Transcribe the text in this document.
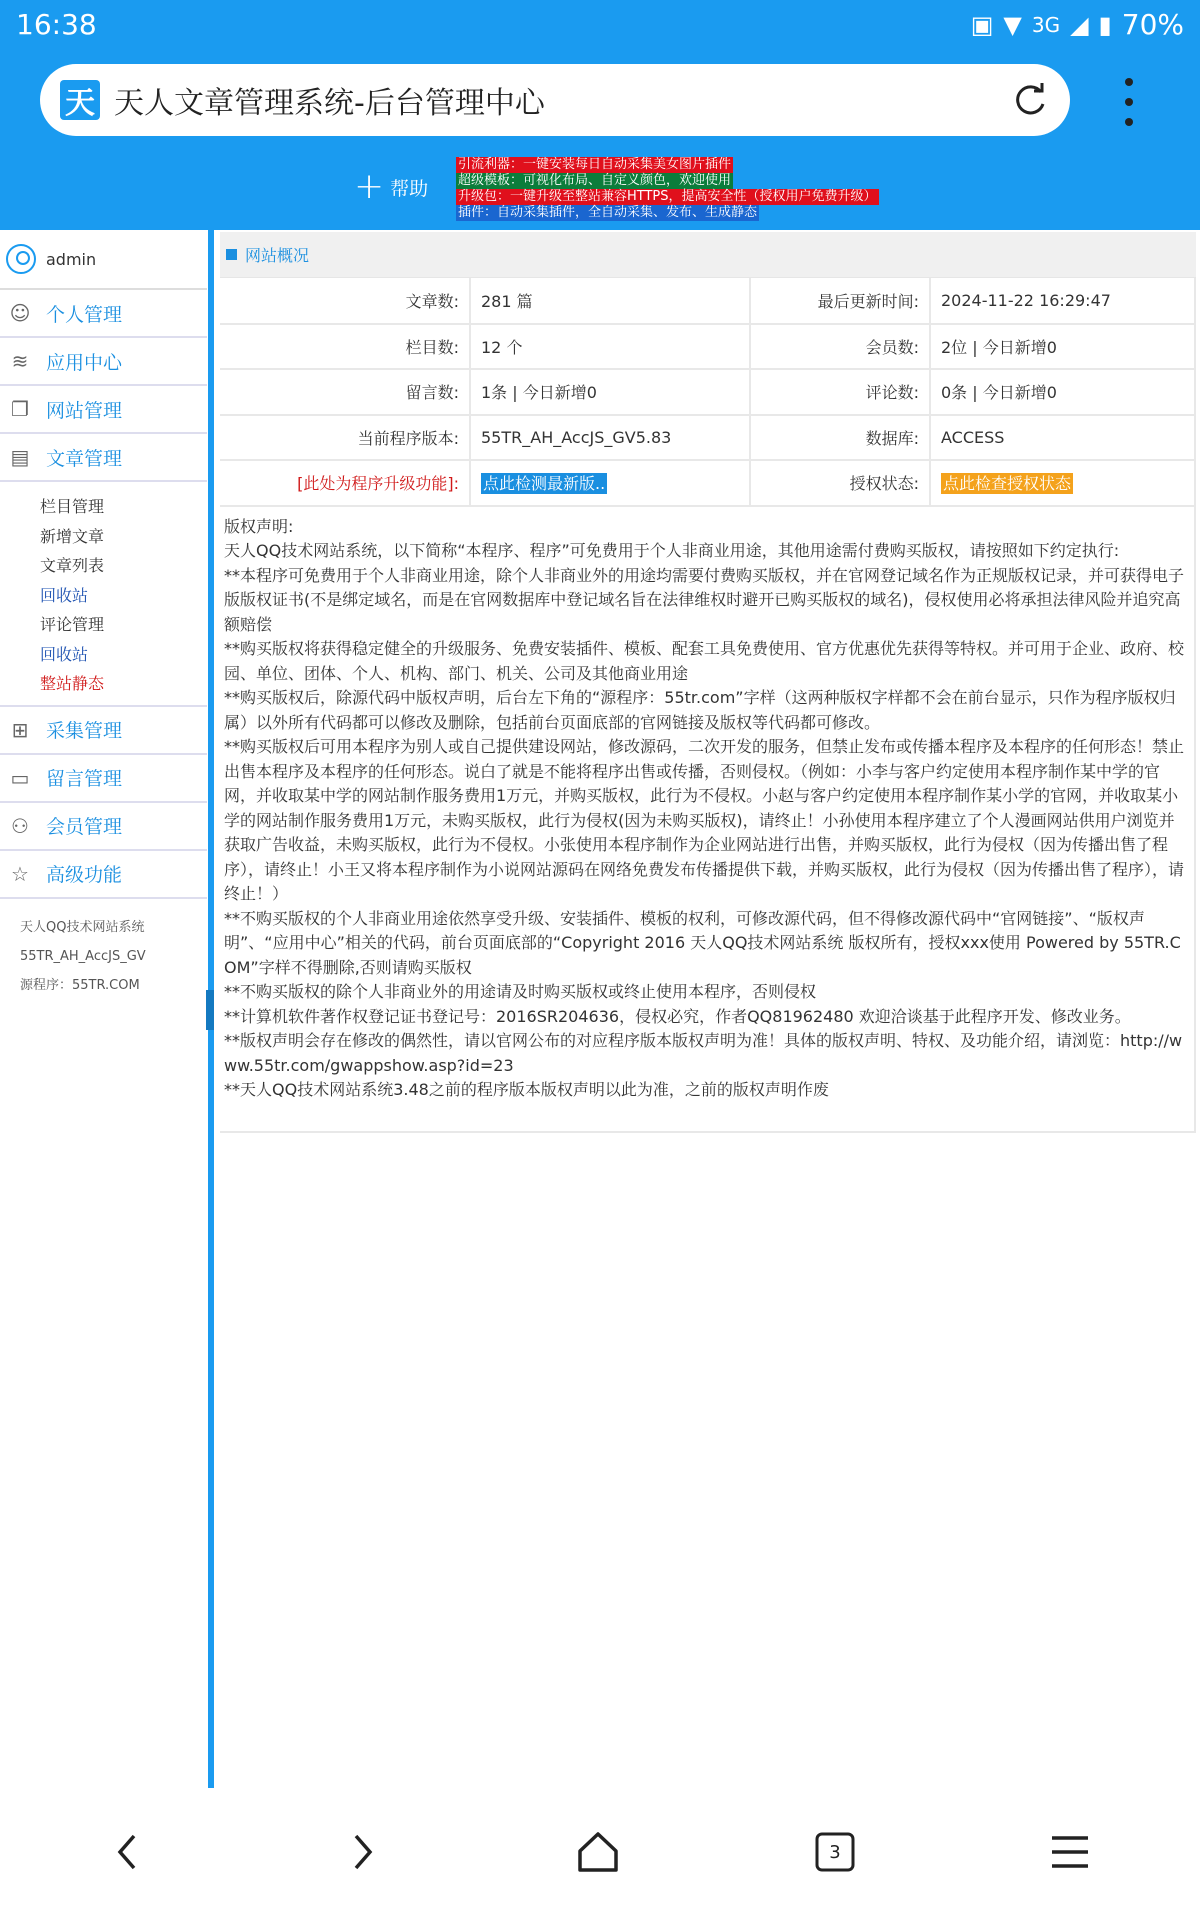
16:38	▣ ▼ 3G ◢ ▮ 70%
天 天人文章管理系统-后台管理中心
+ 帮助
引流利器：一键安装每日自动采集美女图片插件
超级模板：可视化布局、自定义颜色，欢迎使用
升级包：一键升级至整站兼容HTTPS，提高安全性（授权用户免费升级）
插件：自动采集插件，全自动采集、发布、生成静态
admin
☺ 个人管理
≋ 应用中心
❐ 网站管理
▤ 文章管理
栏目管理
新增文章
文章列表
回收站
评论管理
回收站
整站静态
⊞ 采集管理
▭ 留言管理
⚇ 会员管理
☆ 高级功能
天人QQ技术网站系统
55TR_AH_AccJS_GV
源程序：55TR.COM
网站概况
文章数:	281 篇	最后更新时间:	2024-11-22 16:29:47
栏目数:	12 个	会员数:	2位 | 今日新增0
留言数:	1条 | 今日新增0	评论数:	0条 | 今日新增0
当前程序版本:	55TR_AH_AccJS_GV5.83	数据库:	ACCESS
[此处为程序升级功能]:	点此检测最新版..	授权状态:	点此检查授权状态
版权声明:
天人QQ技术网站系统，以下简称“本程序、程序”可免费用于个人非商业用途，其他用途需付费购买版权，请按照如下约定执行:
**本程序可免费用于个人非商业用途，除个人非商业外的用途均需要付费购买版权，并在官网登记域名作为正规版权记录，并可获得电子版版权证书(不是绑定域名，而是在官网数据库中登记域名旨在法律维权时避开已购买版权的域名)，侵权使用必将承担法律风险并追究高额赔偿
**购买版权将获得稳定健全的升级服务、免费安装插件、模板、配套工具免费使用、官方优惠优先获得等特权。并可用于企业、政府、校园、单位、团体、个人、机构、部门、机关、公司及其他商业用途
**购买版权后，除源代码中版权声明，后台左下角的“源程序：55tr.com”字样（这两种版权字样都不会在前台显示，只作为程序版权归属）以外所有代码都可以修改及删除，包括前台页面底部的官网链接及版权等代码都可修改。
**购买版权后可用本程序为别人或自己提供建设网站，修改源码，二次开发的服务，但禁止发布或传播本程序及本程序的任何形态！禁止出售本程序及本程序的任何形态。说白了就是不能将程序出售或传播，否则侵权。（例如：小李与客户约定使用本程序制作某中学的官网，并收取某中学的网站制作服务费用1万元，并购买版权，此行为不侵权。小赵与客户约定使用本程序制作某小学的官网，并收取某小学的网站制作服务费用1万元，未购买版权，此行为侵权(因为未购买版权)，请终止！小孙使用本程序建立了个人漫画网站供用户浏览并获取广告收益，未购买版权，此行为不侵权。小张使用本程序制作为企业网站进行出售，并购买版权，此行为侵权（因为传播出售了程序），请终止！小王又将本程序制作为小说网站源码在网络免费发布传播提供下载，并购买版权，此行为侵权（因为传播出售了程序），请终止！）
**不购买版权的个人非商业用途依然享受升级、安装插件、模板的权利，可修改源代码，但不得修改源代码中“官网链接”、“版权声明”、“应用中心”相关的代码，前台页面底部的“Copyright 2016 天人QQ技术网站系统 版权所有，授权xxx使用 Powered by 55TR.COM”字样不得删除,否则请购买版权
**不购买版权的除个人非商业外的用途请及时购买版权或终止使用本程序，否则侵权
**计算机软件著作权登记证书登记号：2016SR204636，侵权必究，作者QQ81962480 欢迎洽谈基于此程序开发、修改业务。
**版权声明会存在修改的偶然性，请以官网公布的对应程序版本版权声明为准！具体的版权声明、特权、及功能介绍，请浏览：http://www.55tr.com/gwappshow.asp?id=23
**天人QQ技术网站系统3.48之前的程序版本版权声明以此为准，之前的版权声明作废
3
